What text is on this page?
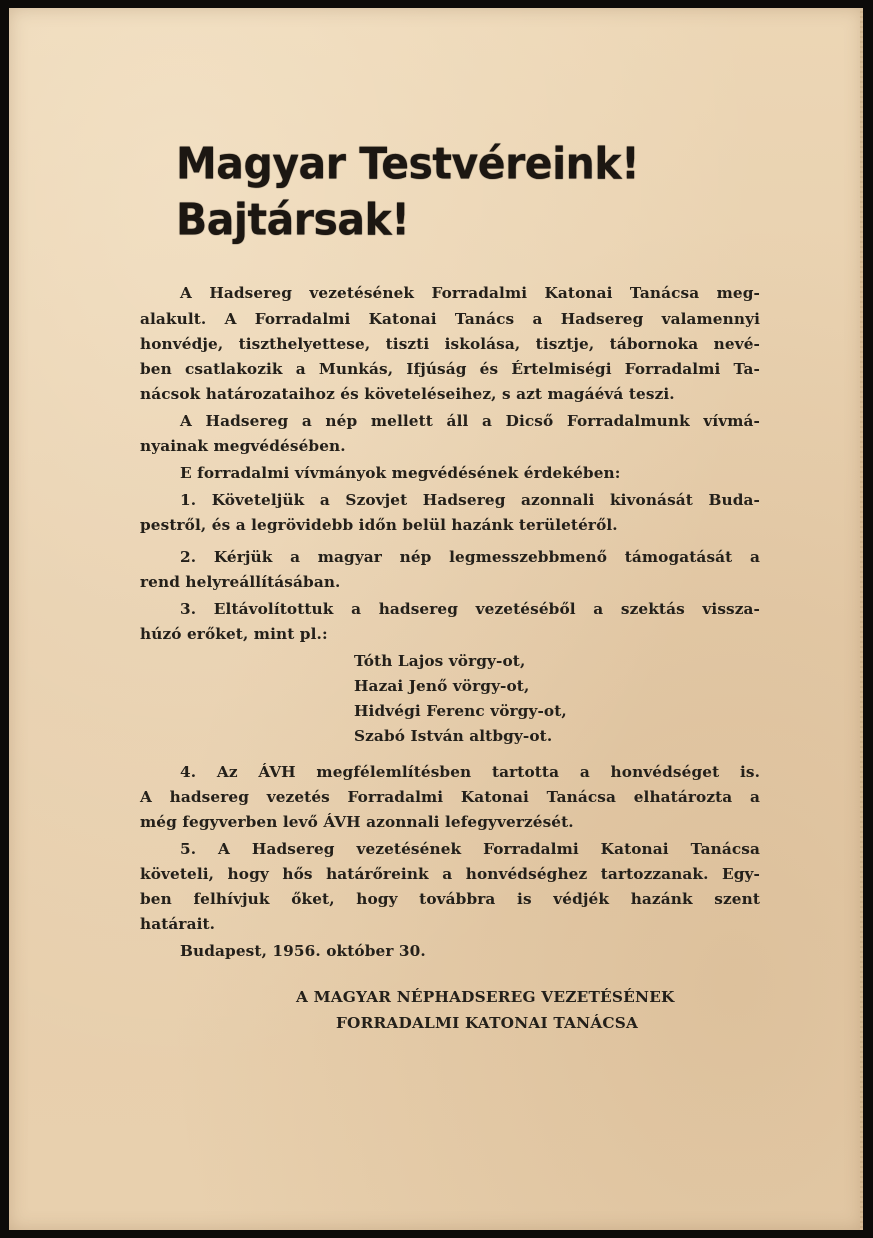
Magyar Testvéreink!
Bajtársak!
A Hadsereg vezetésének Forradalmi Katonai Tanácsa meg-
alakult. A Forradalmi Katonai Tanács a Hadsereg valamennyi
honvédje, tiszthelyettese, tiszti iskolása, tisztje, tábornoka nevé-
ben csatlakozik a Munkás, Ifjúság és Értelmiségi Forradalmi Ta-
nácsok határozataihoz és követeléseihez, s azt magáévá teszi.
A Hadsereg a nép mellett áll a Dicső Forradalmunk vívmá-
nyainak megvédésében.
E forradalmi vívmányok megvédésének érdekében:
1. Követeljük a Szovjet Hadsereg azonnali kivonását Buda-
pestről, és a legrövidebb időn belül hazánk területéről.
2. Kérjük a magyar nép legmesszebbmenő támogatását a
rend helyreállításában.
3. Eltávolítottuk a hadsereg vezetéséből a szektás vissza-
húzó erőket, mint pl.:
Tóth Lajos vörgy-ot,
Hazai Jenő vörgy-ot,
Hidvégi Ferenc vörgy-ot,
Szabó István altbgy-ot.
4. Az ÁVH megfélemlítésben tartotta a honvédséget is.
A hadsereg vezetés Forradalmi Katonai Tanácsa elhatározta a
még fegyverben levő ÁVH azonnali lefegyverzését.
5. A Hadsereg vezetésének Forradalmi Katonai Tanácsa
követeli, hogy hős határőreink a honvédséghez tartozzanak. Egy-
ben felhívjuk őket, hogy továbbra is védjék hazánk szent
határait.
Budapest, 1956. október 30.
A MAGYAR NÉPHADSEREG VEZETÉSÉNEK
FORRADALMI KATONAI TANÁCSA
